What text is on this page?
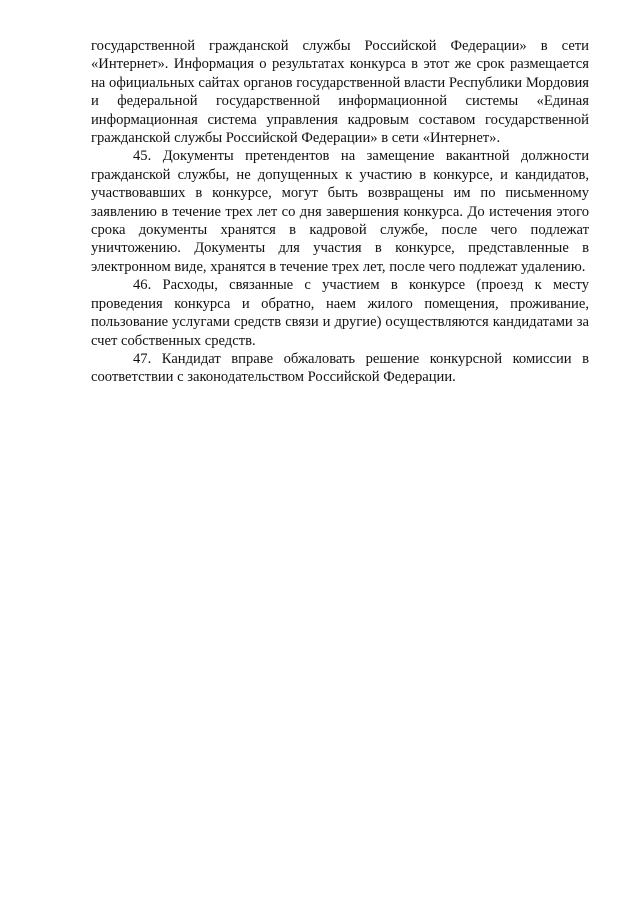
государственной гражданской службы Российской Федерации» в сети «Интернет». Информация о результатах конкурса в этот же срок размещается на официальных сайтах органов государственной власти Республики Мордовия и федеральной государственной информационной системы «Единая информационная система управления кадровым составом государственной гражданской службы Российской Федерации» в сети «Интернет».

45. Документы претендентов на замещение вакантной должности гражданской службы, не допущенных к участию в конкурсе, и кандидатов, участвовавших в конкурсе, могут быть возвращены им по письменному заявлению в течение трех лет со дня завершения конкурса. До истечения этого срока документы хранятся в кадровой службе, после чего подлежат уничтожению. Документы для участия в конкурсе, представленные в электронном виде, хранятся в течение трех лет, после чего подлежат удалению.

46. Расходы, связанные с участием в конкурсе (проезд к месту проведения конкурса и обратно, наем жилого помещения, проживание, пользование услугами средств связи и другие) осуществляются кандидатами за счет собственных средств.

47. Кандидат вправе обжаловать решение конкурсной комиссии в соответствии с законодательством Российской Федерации.
